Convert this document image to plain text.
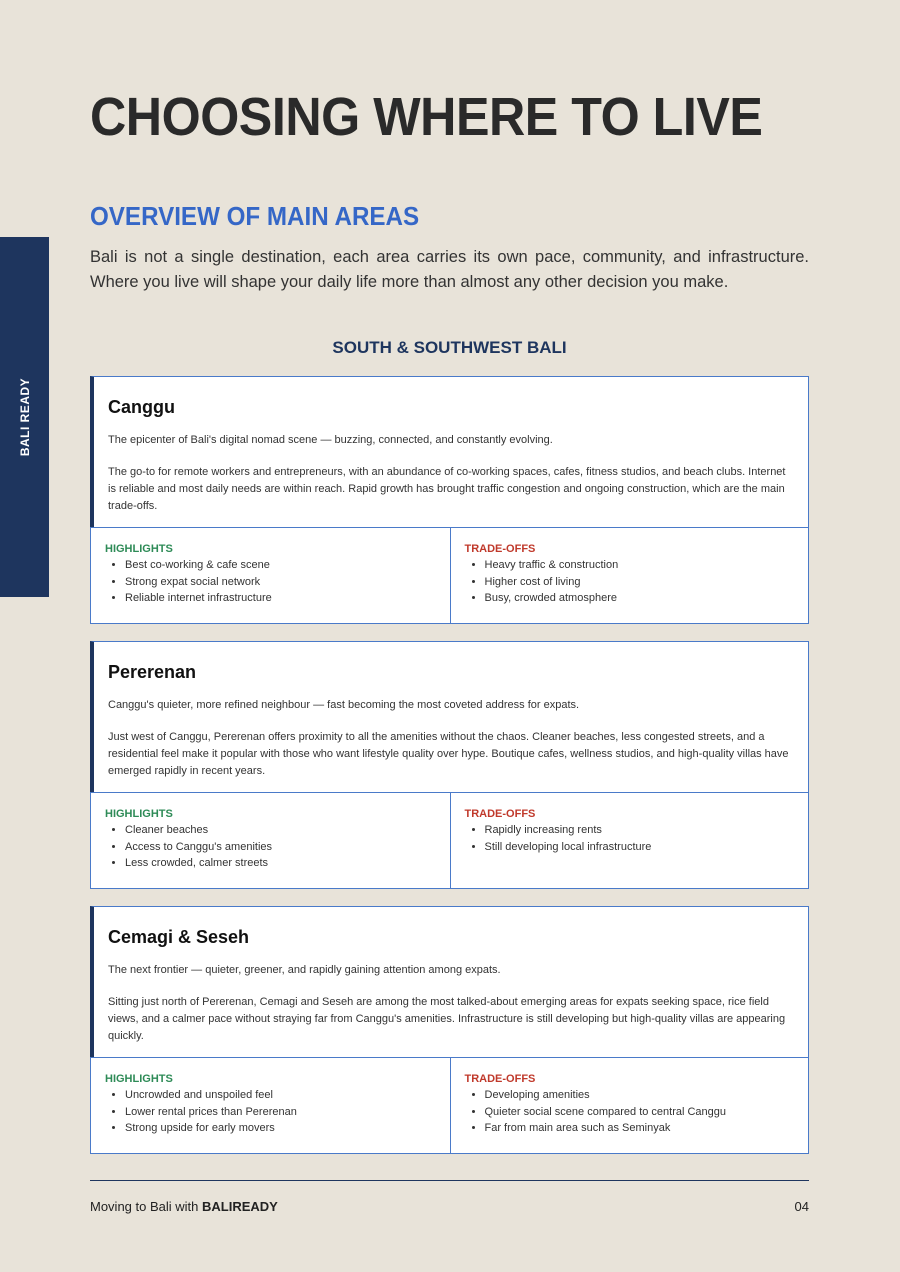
BALI READY
CHOOSING WHERE TO LIVE
OVERVIEW OF MAIN AREAS

Bali is not a single destination, each area carries its own pace, community, and infrastructure. Where you live will shape your daily life more than almost any other decision you make.

SOUTH & SOUTHWEST BALI
Canggu

The epicenter of Bali's digital nomad scene — buzzing, connected, and constantly evolving.

The go-to for remote workers and entrepreneurs, with an abundance of co-working spaces, cafes, fitness studios, and beach clubs. Internet is reliable and most daily needs are within reach. Rapid growth has brought traffic congestion and ongoing construction, which are the main trade-offs.

HIGHLIGHTS
• Best co-working & cafe scene
• Strong expat social network
• Reliable internet infrastructure
TRADE-OFFS
• Heavy traffic & construction
• Higher cost of living
• Busy, crowded atmosphere
Pererenan

Canggu's quieter, more refined neighbour — fast becoming the most coveted address for expats.

Just west of Canggu, Pererenan offers proximity to all the amenities without the chaos. Cleaner beaches, less congested streets, and a residential feel make it popular with those who want lifestyle quality over hype. Boutique cafes, wellness studios, and high-quality villas have emerged rapidly in recent years.

HIGHLIGHTS
• Cleaner beaches
• Access to Canggu's amenities
• Less crowded, calmer streets
TRADE-OFFS
• Rapidly increasing rents
• Still developing local infrastructure
Cemagi & Seseh

The next frontier — quieter, greener, and rapidly gaining attention among expats.

Sitting just north of Pererenan, Cemagi and Seseh are among the most talked-about emerging areas for expats seeking space, rice field views, and a calmer pace without straying far from Canggu's amenities. Infrastructure is still developing but high-quality villas are appearing quickly.

HIGHLIGHTS
• Uncrowded and unspoiled feel
• Lower rental prices than Pererenan
• Strong upside for early movers
TRADE-OFFS
• Developing amenities
• Quieter social scene compared to central Canggu
• Far from main area such as Seminyak
Moving to Bali with BALIREADY	04
